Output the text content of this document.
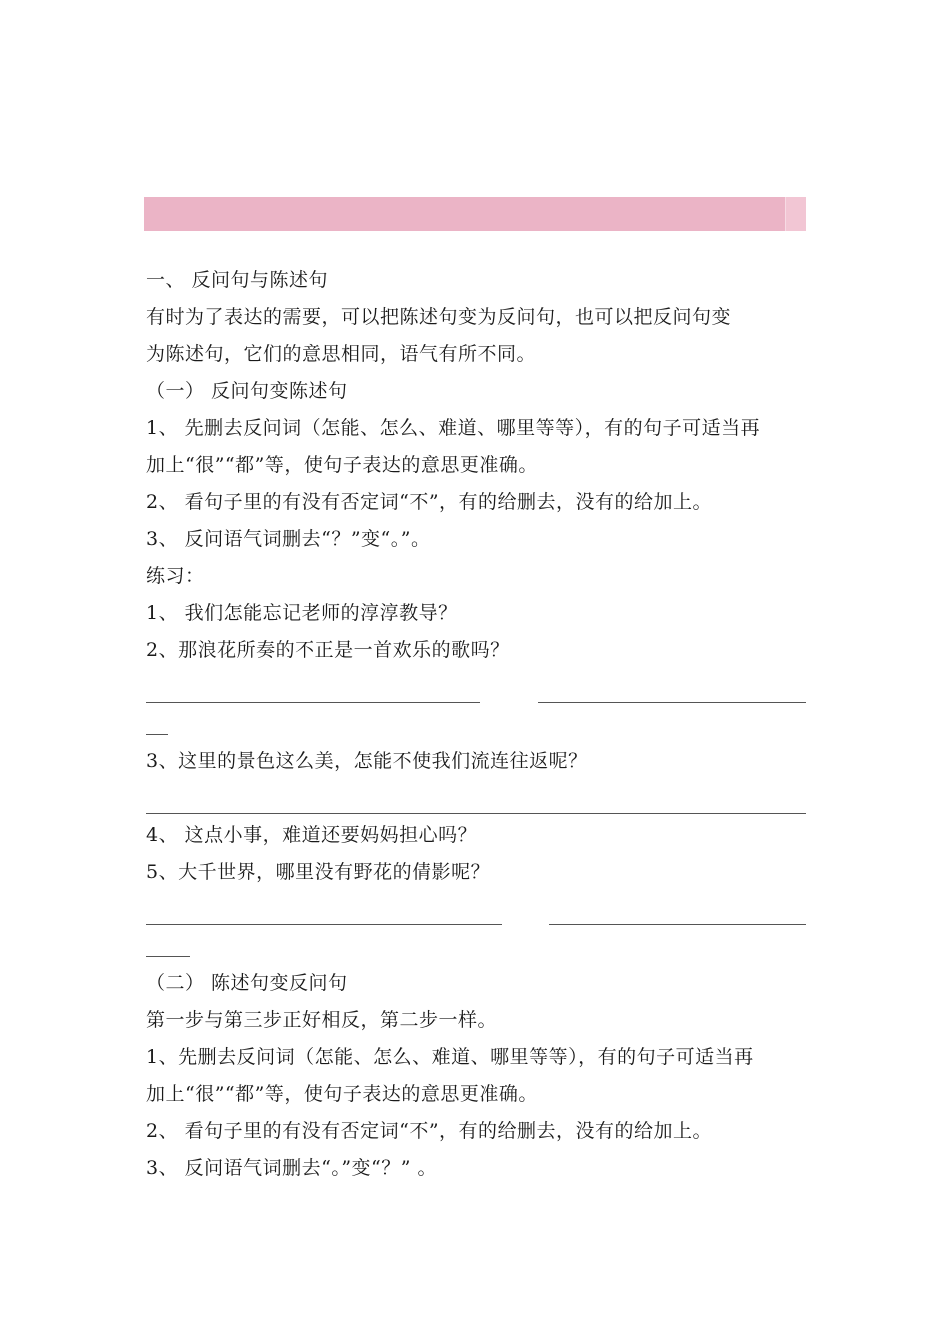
一、 反问句与陈述句
有时为了表达的需要，可以把陈述句变为反问句，也可以把反问句变
为陈述句，它们的意思相同，语气有所不同。
（一） 反问句变陈述句
1、 先删去反问词（怎能、怎么、难道、哪里等等），有的句子可适当再
加上“很”“都”等，使句子表达的意思更准确。
2、 看句子里的有没有否定词“不”，有的给删去，没有的给加上。
3、 反问语气词删去“？”变“。”。
练习：
1、 我们怎能忘记老师的淳淳教导？
2、那浪花所奏的不正是一首欢乐的歌吗？
3、这里的景色这么美，怎能不使我们流连往返呢？
4、 这点小事，难道还要妈妈担心吗？
5、大千世界，哪里没有野花的倩影呢？
（二） 陈述句变反问句
第一步与第三步正好相反，第二步一样。
1、先删去反问词（怎能、怎么、难道、哪里等等），有的句子可适当再
加上“很”“都”等，使句子表达的意思更准确。
2、 看句子里的有没有否定词“不”，有的给删去，没有的给加上。
3、 反问语气词删去“。”变“？” 。
